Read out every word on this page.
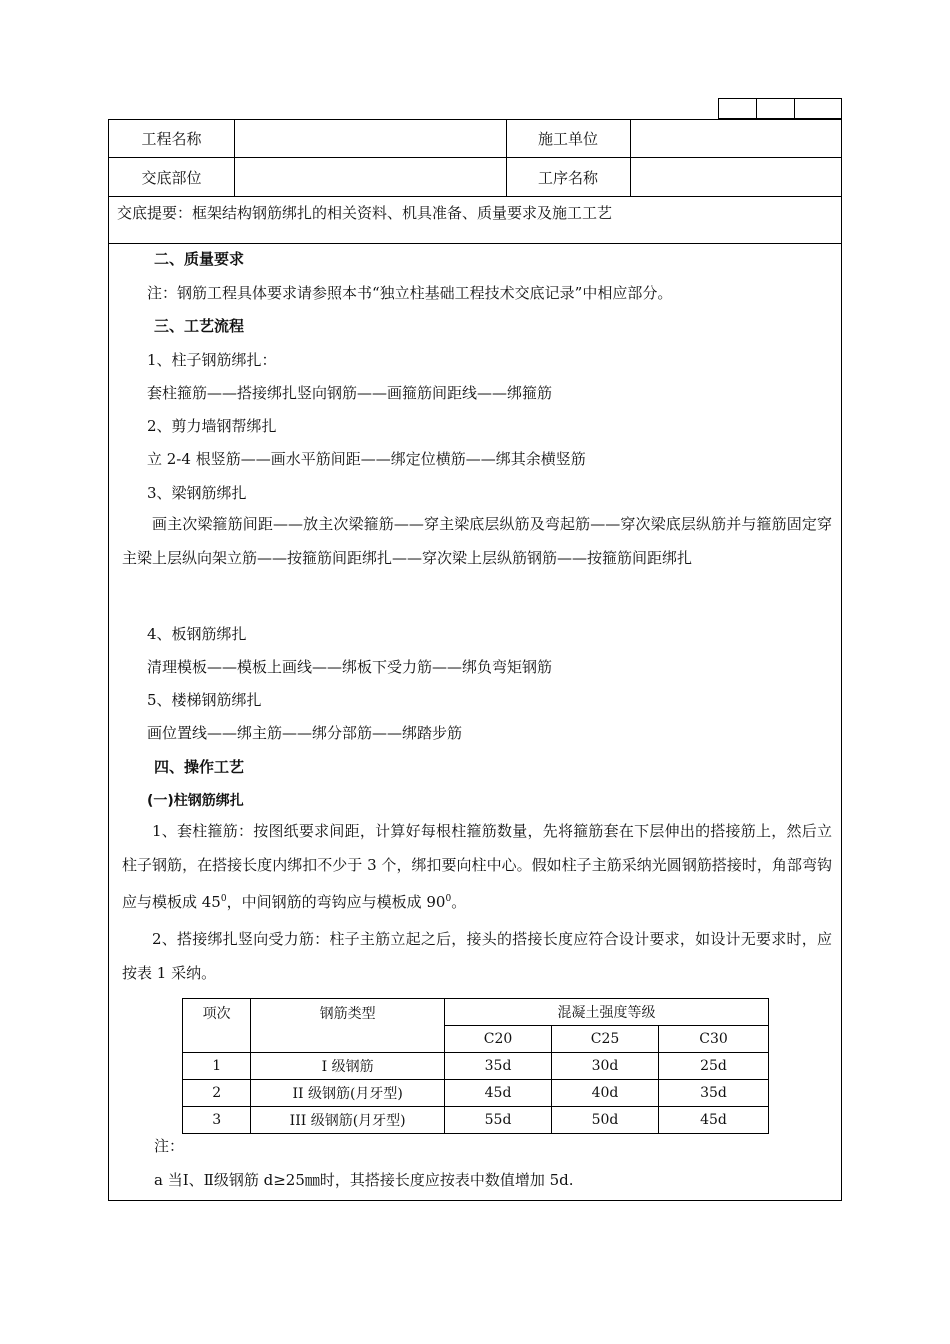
工程名称	施工单位
交底部位	工序名称
交底提要：框架结构钢筋绑扎的相关资料、机具准备、质量要求及施工工艺
二、质量要求
注：钢筋工程具体要求请参照本书“独立柱基础工程技术交底记录”中相应部分。
三、工艺流程
1、柱子钢筋绑扎：
套柱箍筋——搭接绑扎竖向钢筋——画箍筋间距线——绑箍筋
2、剪力墙钢帮绑扎
立 2-4 根竖筋——画水平筋间距——绑定位横筋——绑其余横竖筋
3、梁钢筋绑扎
画主次梁箍筋间距——放主次梁箍筋——穿主梁底层纵筋及弯起筋——穿次梁底层纵筋并与箍筋固定穿主梁上层纵向架立筋——按箍筋间距绑扎——穿次梁上层纵筋钢筋——按箍筋间距绑扎
4、板钢筋绑扎
清理模板——模板上画线——绑板下受力筋——绑负弯矩钢筋
5、楼梯钢筋绑扎
画位置线——绑主筋——绑分部筋——绑踏步筋
四、操作工艺
(一)柱钢筋绑扎
1、套柱箍筋：按图纸要求间距，计算好每根柱箍筋数量，先将箍筋套在下层伸出的搭接筋上，然后立柱子钢筋，在搭接长度内绑扣不少于 3 个，绑扣要向柱中心。假如柱子主筋采纳光圆钢筋搭接时，角部弯钩应与模板成 $45^0$，中间钢筋的弯钩应与模板成 $90^0$。
2、搭接绑扎竖向受力筋：柱子主筋立起之后，接头的搭接长度应符合设计要求，如设计无要求时，应按表 1 采纳。
项次	钢筋类型	混凝土强度等级		
		C20	C25	C30
1	I 级钢筋	35d	30d	25d
2	II 级钢筋(月牙型)	45d	40d	35d
3	III 级钢筋(月牙型)	55d	50d	45d
注：
a 当Ⅰ、Ⅱ级钢筋 d≥25㎜时，其搭接长度应按表中数值增加 5d.
